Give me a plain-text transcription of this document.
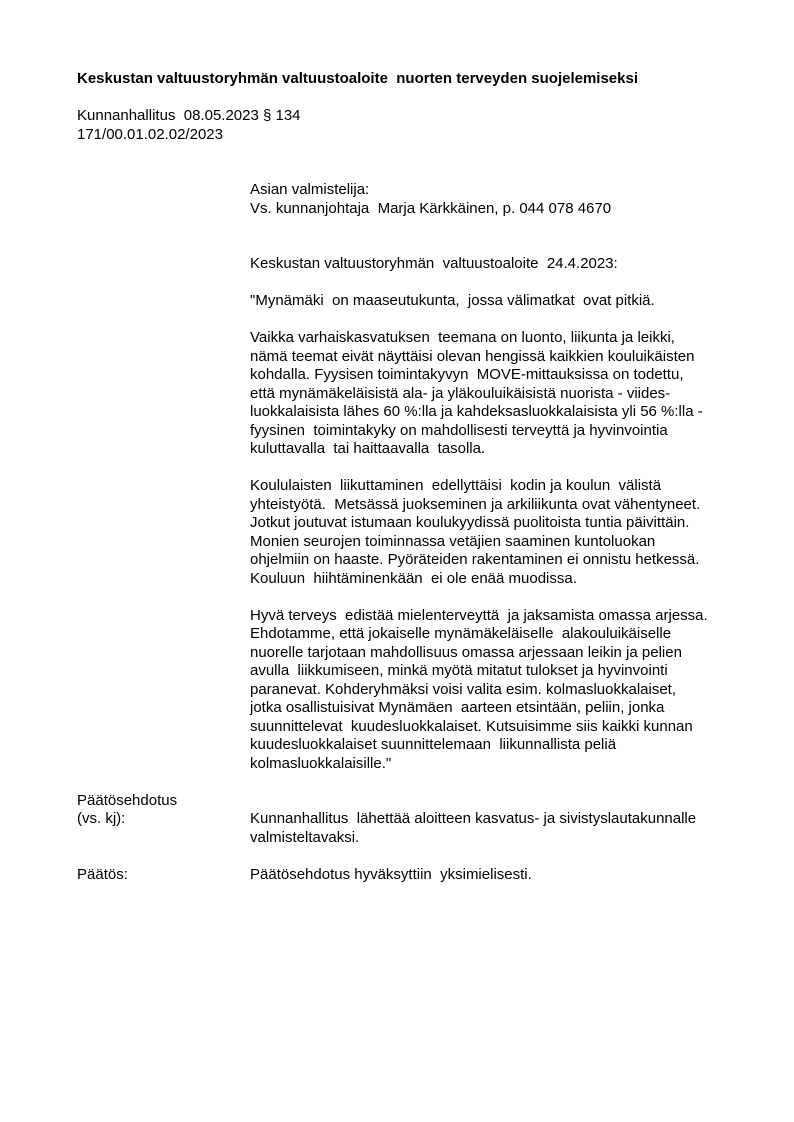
Keskustan valtuustoryhmän valtuustoaloite  nuorten terveyden suojelemiseksi
Kunnanhallitus  08.05.2023 § 134
171/00.01.02.02/2023
Asian valmistelija:
Vs. kunnanjohtaja  Marja Kärkkäinen, p. 044 078 4670
Keskustan valtuustoryhmän  valtuustoaloite  24.4.2023:
"Mynämäki  on maaseutukunta,  jossa välimatkat  ovat pitkiä.
Vaikka varhaiskasvatuksen  teemana on luonto, liikunta ja leikki,
nämä teemat eivät näyttäisi olevan hengissä kaikkien kouluikäisten
kohdalla. Fyysisen toimintakyvyn  MOVE-mittauksissa on todettu,
että mynämäkeläisistä ala- ja yläkouluikäisistä nuorista - viides-
luokkalaisista lähes 60 %:lla ja kahdeksasluokkalaisista yli 56 %:lla -
fyysinen  toimintakyky on mahdollisesti terveyttä ja hyvinvointia
kuluttavalla  tai haittaavalla  tasolla.
Koululaisten  liikuttaminen  edellyttäisi  kodin ja koulun  välistä
yhteistyötä.  Metsässä juokseminen ja arkiliikunta ovat vähentyneet.
Jotkut joutuvat istumaan koulukyydissä puolitoista tuntia päivittäin.
Monien seurojen toiminnassa vetäjien saaminen kuntoluokan
ohjelmiin on haaste. Pyöräteiden rakentaminen ei onnistu hetkessä.
Kouluun  hiihtäminenkään  ei ole enää muodissa.
Hyvä terveys  edistää mielenterveyttä  ja jaksamista omassa arjessa.
Ehdotamme, että jokaiselle mynämäkeläiselle  alakouluikäiselle
nuorelle tarjotaan mahdollisuus omassa arjessaan leikin ja pelien
avulla  liikkumiseen, minkä myötä mitatut tulokset ja hyvinvointi
paranevat. Kohderyhmäksi voisi valita esim. kolmasluokkalaiset,
jotka osallistuisivat Mynämäen  aarteen etsintään, peliin, jonka
suunnittelevat  kuudesluokkalaiset. Kutsuisimme siis kaikki kunnan
kuudesluokkalaiset suunnittelemaan  liikunnallista peliä
kolmasluokkalaisille."
Päätösehdotus
(vs. kj):	Kunnanhallitus  lähettää aloitteen kasvatus- ja sivistyslautakunnalle
valmisteltavaksi.
Päätös:	Päätösehdotus hyväksyttiin  yksimielisesti.
